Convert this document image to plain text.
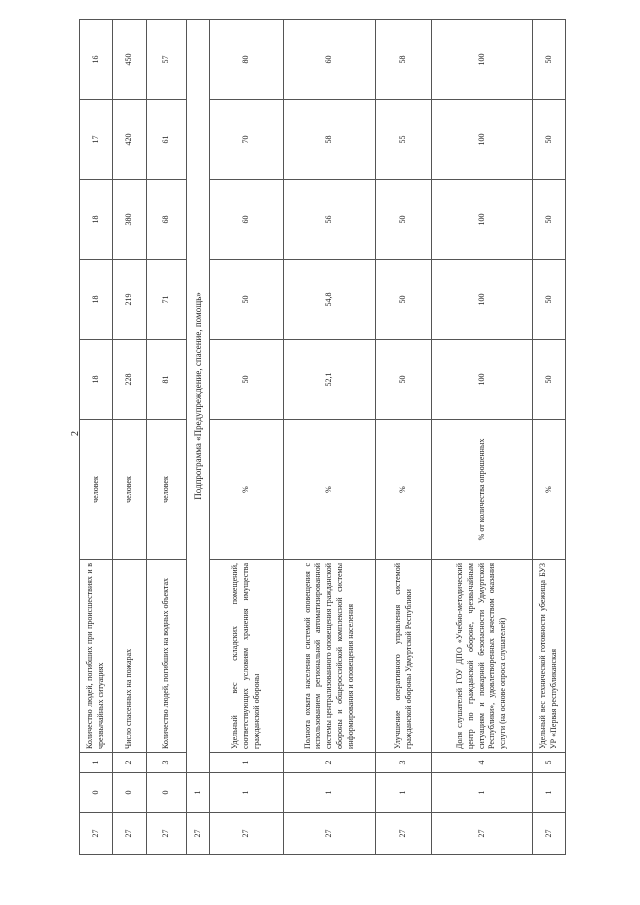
2
27	0	1	Количество людей, погибших при происшествиях и в чрезвычайных ситуациях	человек	18	18	18	17	16
27	0	2	Число спасенных на пожарах	человек	228	219	380	420	450
27	0	3	Количество людей, погибших на водных объектах	человек	81	71	68	61	57
27	1	Подпрограмма «Предупреждение, спасение, помощь»							
27	1	1	Удельный вес складских помещений, соответствующих условиям хранения имущества гражданской обороны	%	50	50	60	70	80
27	1	2	Полнота охвата населения системой оповещения с использованием региональной автоматизированной системы централизованного оповещения гражданской обороны и общероссийской комплексной системы информирования и оповещения населения	%	52,1	54,8	56	58	60
27	1	3	Улучшение оперативного управления системой гражданской обороны Удмуртской Республики	%	50	50	50	55	58
27	1	4	Доля слушателей ГОУ ДПО «Учебно-методический центр по гражданской обороне, чрезвычайным ситуациям и пожарной безопасности Удмуртской Республики», удовлетворенных качеством оказания услуги (на основе опроса слушателей)	% от количества опрошенных	100	100	100	100	100
27	1	5	Удельный вес технической готовности убежища БУЗ УР «Первая республиканская	%	50	50	50	50	50
